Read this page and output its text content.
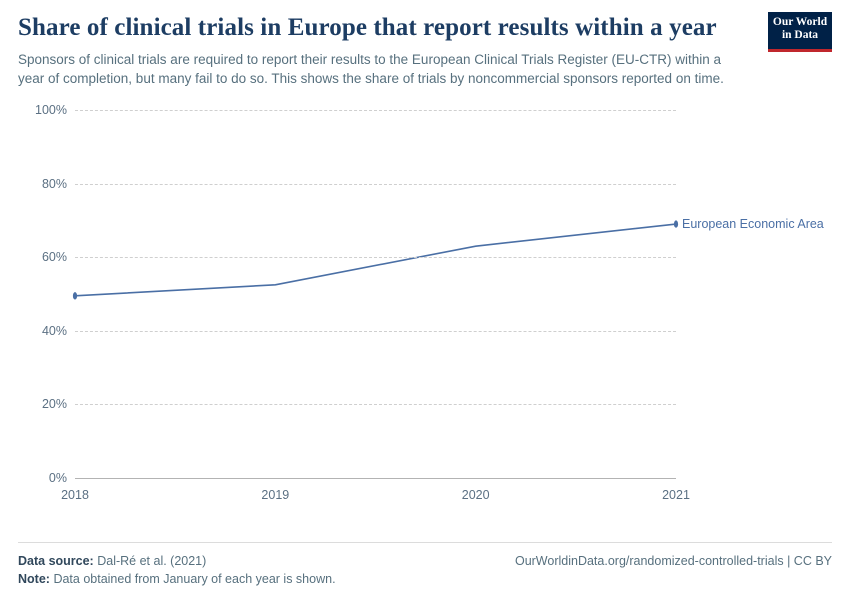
Share of clinical trials in Europe that report results within a year

Sponsors of clinical trials are required to report their results to the European Clinical Trials Register (EU-CTR) within a year of completion, but many fail to do so. This shows the share of trials by noncommercial sponsors reported on time.

Our World
in Data
0%
20%
40%
60%
80%
100%
2018	2019	2020	2021
European Economic Area
Data source: Dal-Ré et al. (2021)	OurWorldinData.org/randomized-controlled-trials | CC BY
Note: Data obtained from January of each year is shown.
